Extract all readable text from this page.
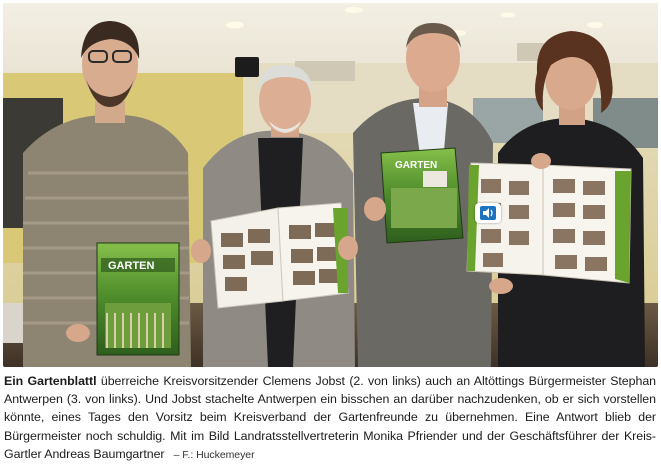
GARTEN
GARTEN
Ein Gartenblattl überreiche Kreisvorsitzender Clemens Jobst (2. von links) auch an Altöttings Bürgermeister Stephan Antwerpen (3. von links). Und Jobst stachelte Antwerpen ein bisschen an darüber nachzudenken, ob er sich vorstellen könnte, eines Tages den Vorsitz beim Kreisverband der Gartenfreunde zu übernehmen. Eine Antwort blieb der Bürgermeister noch schuldig. Mit im Bild Landratsstellvertreterin Monika Pfriender und der Geschäftsführer der Kreis-Gartler Andreas Baumgartner   – F.: Huckemeyer
